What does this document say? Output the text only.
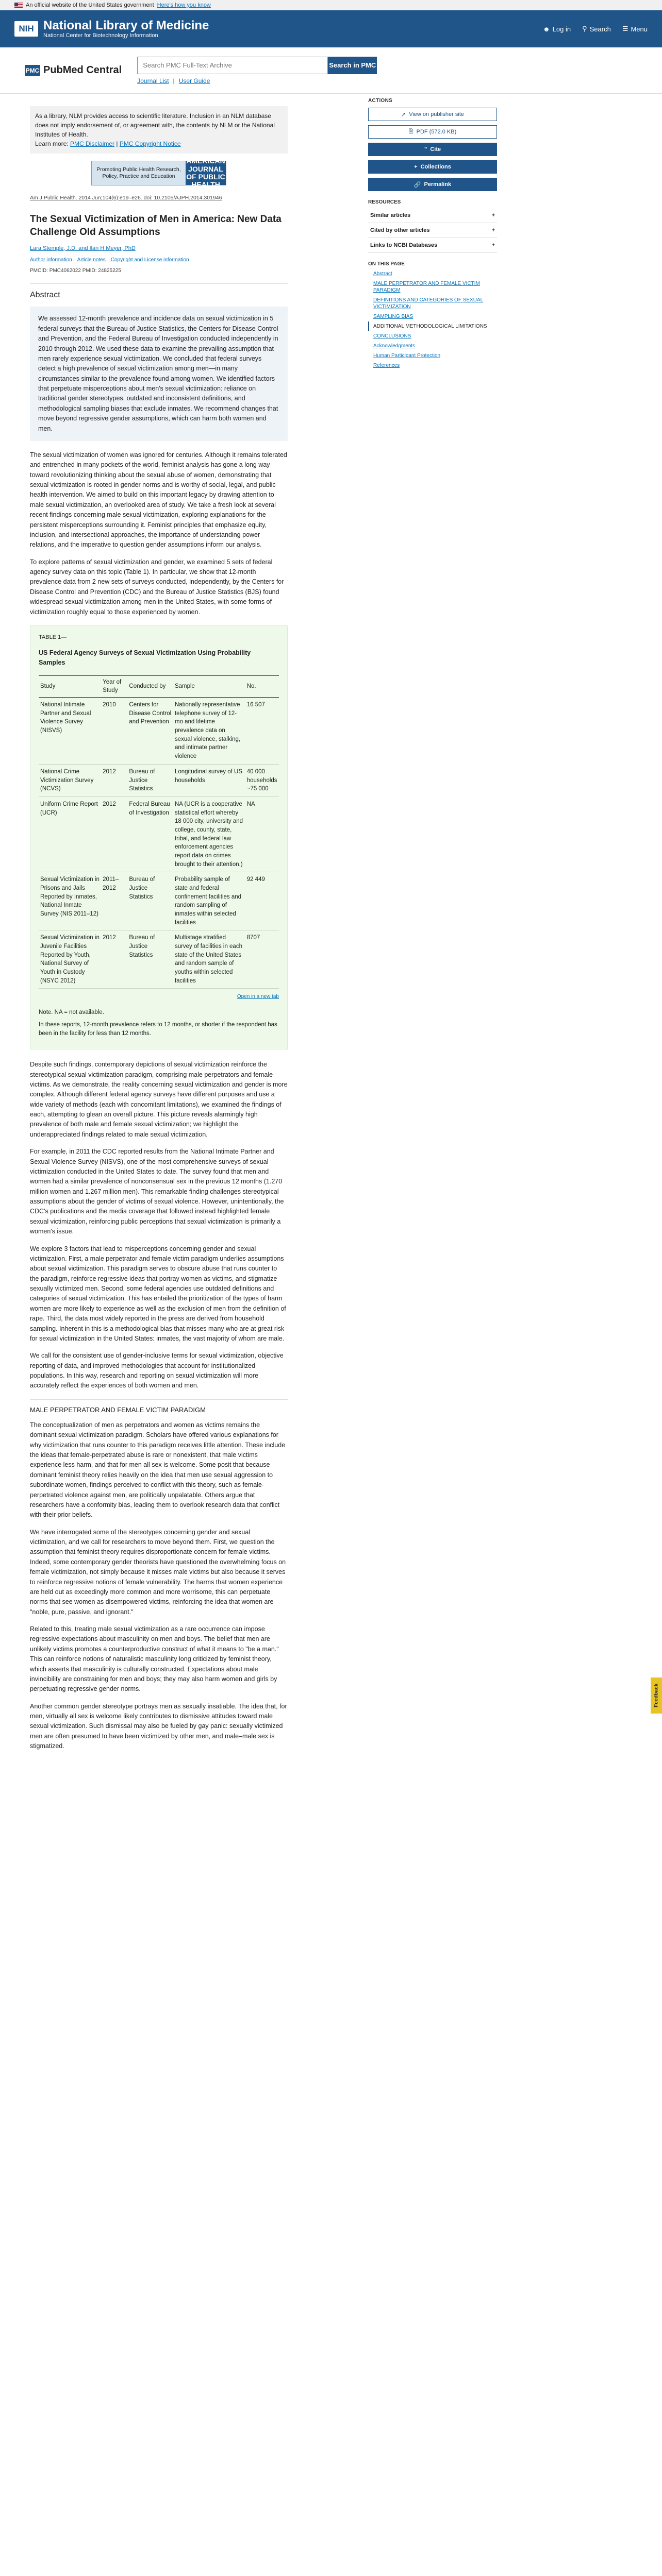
An official website of the United States government Here's how you know
NIH National Library of Medicine
National Center for Biotechnology Information
☻ Log in ⚲ Search ☰ Menu
PMC PubMed Central
Search PMC Full-Text Archive	Search in PMC
Journal List | User Guide
As a library, NLM provides access to scientific literature. Inclusion in an NLM database does not imply endorsement of, or agreement with, the contents by NLM or the National Institutes of Health.
Learn more: PMC Disclaimer | PMC Copyright Notice
Promoting Public Health Research, Policy, Practice and Education
AMERICAN JOURNAL OF PUBLIC HEALTH
Am J Public Health. 2014 Jun;104(6):e19–e26. doi: 10.2105/AJPH.2014.301946
The Sexual Victimization of Men in America: New Data Challenge Old Assumptions
Lara Stemple, J.D. and Ilan H Meyer, PhD
Author information Article notes Copyright and License information
PMCID: PMC4062022 PMID: 24825225
Abstract
We assessed 12-month prevalence and incidence data on sexual victimization in 5 federal surveys that the Bureau of Justice Statistics, the Centers for Disease Control and Prevention, and the Federal Bureau of Investigation conducted independently in 2010 through 2012. We used these data to examine the prevailing assumption that men rarely experience sexual victimization. We concluded that federal surveys detect a high prevalence of sexual victimization among men—in many circumstances similar to the prevalence found among women. We identified factors that perpetuate misperceptions about men's sexual victimization: reliance on traditional gender stereotypes, outdated and inconsistent definitions, and methodological sampling biases that exclude inmates. We recommend changes that move beyond regressive gender assumptions, which can harm both women and men.

The sexual victimization of women was ignored for centuries. Although it remains tolerated and entrenched in many pockets of the world, feminist analysis has gone a long way toward revolutionizing thinking about the sexual abuse of women, demonstrating that sexual victimization is rooted in gender norms and is worthy of social, legal, and public health intervention. We aimed to build on this important legacy by drawing attention to male sexual victimization, an overlooked area of study. We take a fresh look at several recent findings concerning male sexual victimization, exploring explanations for the persistent misperceptions surrounding it. Feminist principles that emphasize equity, inclusion, and intersectional approaches, the importance of understanding power relations, and the imperative to question gender assumptions inform our analysis.

To explore patterns of sexual victimization and gender, we examined 5 sets of federal agency survey data on this topic (Table 1). In particular, we show that 12-month prevalence data from 2 new sets of surveys conducted, independently, by the Centers for Disease Control and Prevention (CDC) and the Bureau of Justice Statistics (BJS) found widespread sexual victimization among men in the United States, with some forms of victimization roughly equal to those experienced by women.

TABLE 1—
US Federal Agency Surveys of Sexual Victimization Using Probability Samples
Study	Year of Study	Conducted by	Sample	No.
National Intimate Partner and Sexual Violence Survey (NISVS)	2010	Centers for Disease Control and Prevention	Nationally representative telephone survey of 12-mo and lifetime prevalence data on sexual violence, stalking, and intimate partner violence	16 507
National Crime Victimization Survey (NCVS)	2012	Bureau of Justice Statistics	Longitudinal survey of US households	40 000 households ~75 000
Uniform Crime Report (UCR)	2012	Federal Bureau of Investigation	NA (UCR is a cooperative statistical effort whereby 18 000 city, university and college, county, state, tribal, and federal law enforcement agencies report data on crimes brought to their attention.)	NA
Sexual Victimization in Prisons and Jails Reported by Inmates, National Inmate Survey (NIS 2011–12)	2011–2012	Bureau of Justice Statistics	Probability sample of state and federal confinement facilities and random sampling of inmates within selected facilities	92 449
Sexual Victimization in Juvenile Facilities Reported by Youth, National Survey of Youth in Custody (NSYC 2012)	2012	Bureau of Justice Statistics	Multistage stratified survey of facilities in each state of the United States and random sample of youths within selected facilities	8707
Open in a new tab
Note. NA = not available.
In these reports, 12-month prevalence refers to 12 months, or shorter if the respondent has been in the facility for less than 12 months.

Despite such findings, contemporary depictions of sexual victimization reinforce the stereotypical sexual victimization paradigm, comprising male perpetrators and female victims. As we demonstrate, the reality concerning sexual victimization and gender is more complex. Although different federal agency surveys have different purposes and use a wide variety of methods (each with concomitant limitations), we examined the findings of each, attempting to glean an overall picture. This picture reveals alarmingly high prevalence of both male and female sexual victimization; we highlight the underappreciated findings related to male sexual victimization.

For example, in 2011 the CDC reported results from the National Intimate Partner and Sexual Violence Survey (NISVS), one of the most comprehensive surveys of sexual victimization conducted in the United States to date. The survey found that men and women had a similar prevalence of nonconsensual sex in the previous 12 months (1.270 million women and 1.267 million men). This remarkable finding challenges stereotypical assumptions about the gender of victims of sexual violence. However, unintentionally, the CDC's publications and the media coverage that followed instead highlighted female sexual victimization, reinforcing public perceptions that sexual victimization is primarily a women's issue.

We explore 3 factors that lead to misperceptions concerning gender and sexual victimization. First, a male perpetrator and female victim paradigm underlies assumptions about sexual victimization. This paradigm serves to obscure abuse that runs counter to the paradigm, reinforce regressive ideas that portray women as victims, and stigmatize sexually victimized men. Second, some federal agencies use outdated definitions and categories of sexual victimization. This has entailed the prioritization of the types of harm women are more likely to experience as well as the exclusion of men from the definition of rape. Third, the data most widely reported in the press are derived from household sampling. Inherent in this is a methodological bias that misses many who are at great risk for sexual victimization in the United States: inmates, the vast majority of whom are male.

We call for the consistent use of gender-inclusive terms for sexual victimization, objective reporting of data, and improved methodologies that account for institutionalized populations. In this way, research and reporting on sexual victimization will more accurately reflect the experiences of both women and men.

MALE PERPETRATOR AND FEMALE VICTIM PARADIGM

The conceptualization of men as perpetrators and women as victims remains the dominant sexual victimization paradigm. Scholars have offered various explanations for why victimization that runs counter to this paradigm receives little attention. These include the ideas that female-perpetrated abuse is rare or nonexistent, that male victims experience less harm, and that for men all sex is welcome. Some posit that because dominant feminist theory relies heavily on the idea that men use sexual aggression to subordinate women, findings perceived to conflict with this theory, such as female-perpetrated violence against men, are politically unpalatable. Others argue that researchers have a conformity bias, leading them to overlook research data that conflict with their prior beliefs.

We have interrogated some of the stereotypes concerning gender and sexual victimization, and we call for researchers to move beyond them. First, we question the assumption that feminist theory requires disproportionate concern for female victims. Indeed, some contemporary gender theorists have questioned the overwhelming focus on female victimization, not simply because it misses male victims but also because it serves to reinforce regressive notions of female vulnerability. The harms that women experience are held out as exceedingly more common and more worrisome, this can perpetuate norms that see women as disempowered victims, reinforcing the idea that women are "noble, pure, passive, and ignorant."

Related to this, treating male sexual victimization as a rare occurrence can impose regressive expectations about masculinity on men and boys. The belief that men are unlikely victims promotes a counterproductive construct of what it means to "be a man." This can reinforce notions of naturalistic masculinity long criticized by feminist theory, which asserts that masculinity is culturally constructed. Expectations about male invincibility are constraining for men and boys; they may also harm women and girls by perpetuating regressive gender norms.

Another common gender stereotype portrays men as sexually insatiable. The idea that, for men, virtually all sex is welcome likely contributes to dismissive attitudes toward male sexual victimization. Such dismissal may also be fueled by gay panic: sexually victimized men are often presumed to have been victimized by other men, and male–male sex is stigmatized.

ACTIONS
↗ View on publisher site
🗎 PDF (572.0 KB)
” Cite
+ Collections
🔗 Permalink
RESOURCES
Similar articles	+
Cited by other articles	+
Links to NCBI Databases	+
ON THIS PAGE
Abstract
MALE PERPETRATOR AND FEMALE VICTIM PARADIGM
DEFINITIONS AND CATEGORIES OF SEXUAL VICTIMIZATION
SAMPLING BIAS
ADDITIONAL METHODOLOGICAL LIMITATIONS
CONCLUSIONS
Acknowledgments
Human Participant Protection
References
Feedback
